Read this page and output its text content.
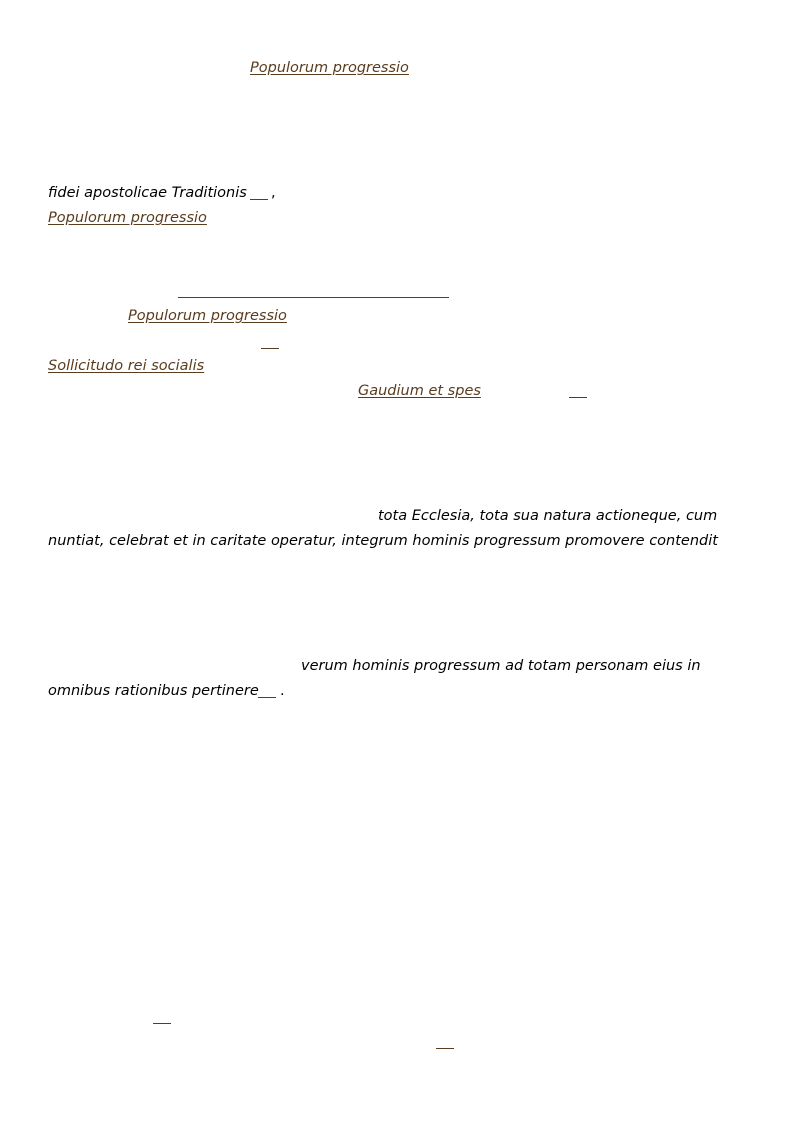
Populorum progressio
fidei apostolicae Traditionis ,
Populorum progressio
Populorum progressio
Sollicitudo rei socialis
Gaudium et spes
tota Ecclesia, tota sua natura actioneque, cum
nuntiat, celebrat et in caritate operatur, integrum hominis progressum promovere contendit
verum hominis progressum ad totam personam eius in
omnibus rationibus pertinere .
